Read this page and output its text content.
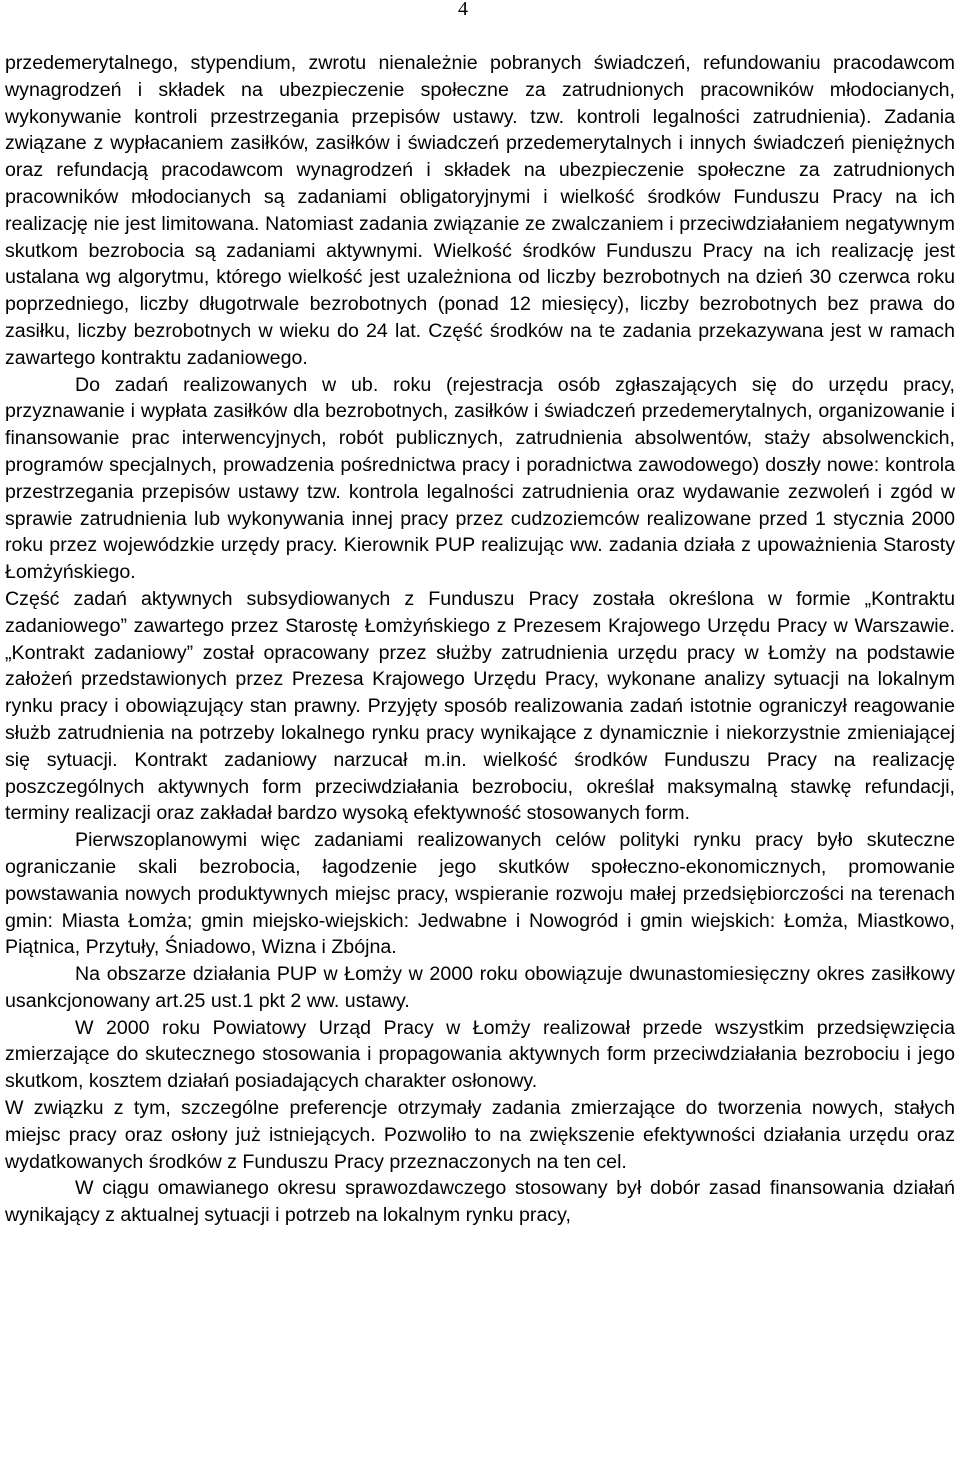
4

przedemerytalnego, stypendium, zwrotu nienależnie pobranych świadczeń, refundowaniu pracodawcom wynagrodzeń i składek na ubezpieczenie społeczne za zatrudnionych pracowników młodocianych, wykonywanie kontroli przestrzegania przepisów ustawy. tzw. kontroli legalności zatrudnienia). Zadania związane z wypłacaniem zasiłków, zasiłków i świadczeń przedemerytalnych i innych świadczeń pieniężnych oraz refundacją pracodawcom wynagrodzeń i składek na ubezpieczenie społeczne za zatrudnionych pracowników młodocianych są zadaniami obligatoryjnymi i wielkość środków Funduszu Pracy na ich realizację nie jest limitowana. Natomiast zadania związanie ze zwalczaniem i przeciwdziałaniem negatywnym skutkom bezrobocia są zadaniami aktywnymi. Wielkość środków Funduszu Pracy na ich realizację jest ustalana wg algorytmu, którego wielkość jest uzależniona od liczby bezrobotnych na dzień 30 czerwca roku poprzedniego, liczby długotrwale bezrobotnych (ponad 12 miesięcy), liczby bezrobotnych bez prawa do zasiłku, liczby bezrobotnych w wieku do 24 lat. Część środków na te zadania przekazywana jest w ramach zawartego kontraktu zadaniowego.

Do zadań realizowanych w ub. roku (rejestracja osób zgłaszających się do urzędu pracy, przyznawanie i wypłata zasiłków dla bezrobotnych, zasiłków i świadczeń przedemerytalnych, organizowanie i finansowanie prac interwencyjnych, robót publicznych, zatrudnienia absolwentów, staży absolwenckich, programów specjalnych, prowadzenia pośrednictwa pracy i poradnictwa zawodowego) doszły nowe: kontrola przestrzegania przepisów ustawy tzw. kontrola legalności zatrudnienia oraz wydawanie zezwoleń i zgód w sprawie zatrudnienia lub wykonywania innej pracy przez cudzoziemców realizowane przed 1 stycznia 2000 roku przez wojewódzkie urzędy pracy. Kierownik PUP realizując ww. zadania działa z upoważnienia Starosty Łomżyńskiego.

Część zadań aktywnych subsydiowanych z Funduszu Pracy została określona w formie „Kontraktu zadaniowego” zawartego przez Starostę Łomżyńskiego z Prezesem Krajowego Urzędu Pracy w Warszawie. „Kontrakt zadaniowy” został opracowany przez służby zatrudnienia urzędu pracy w Łomży na podstawie założeń przedstawionych przez Prezesa Krajowego Urzędu Pracy, wykonane analizy sytuacji na lokalnym rynku pracy i obowiązujący stan prawny. Przyjęty sposób realizowania zadań istotnie ograniczył reagowanie służb zatrudnienia na potrzeby lokalnego rynku pracy wynikające z dynamicznie i niekorzystnie zmieniającej się sytuacji. Kontrakt zadaniowy narzucał m.in. wielkość środków Funduszu Pracy na realizację poszczególnych aktywnych form przeciwdziałania bezrobociu, określał maksymalną stawkę refundacji, terminy realizacji oraz zakładał bardzo wysoką efektywność stosowanych form.

Pierwszoplanowymi więc zadaniami realizowanych celów polityki rynku pracy było skuteczne ograniczanie skali bezrobocia, łagodzenie jego skutków społeczno-ekonomicznych, promowanie powstawania nowych produktywnych miejsc pracy, wspieranie rozwoju małej przedsiębiorczości na terenach gmin: Miasta Łomża; gmin miejsko-wiejskich: Jedwabne i Nowogród i gmin wiejskich: Łomża, Miastkowo, Piątnica, Przytuły, Śniadowo, Wizna i Zbójna.

Na obszarze działania PUP w Łomży w 2000 roku obowiązuje dwunastomiesięczny okres zasiłkowy usankcjonowany art.25 ust.1 pkt 2 ww. ustawy.

W 2000 roku Powiatowy Urząd Pracy w Łomży realizował przede wszystkim przedsięwzięcia zmierzające do skutecznego stosowania i propagowania aktywnych form przeciwdziałania bezrobociu i jego skutkom, kosztem działań posiadających charakter osłonowy.

W związku z tym, szczególne preferencje otrzymały zadania zmierzające do tworzenia nowych, stałych miejsc pracy oraz osłony już istniejących. Pozwoliło to na zwiększenie efektywności działania urzędu oraz wydatkowanych środków z Funduszu Pracy przeznaczonych na ten cel.

W ciągu omawianego okresu sprawozdawczego stosowany był dobór zasad finansowania działań wynikający z aktualnej sytuacji i potrzeb na lokalnym rynku pracy,
